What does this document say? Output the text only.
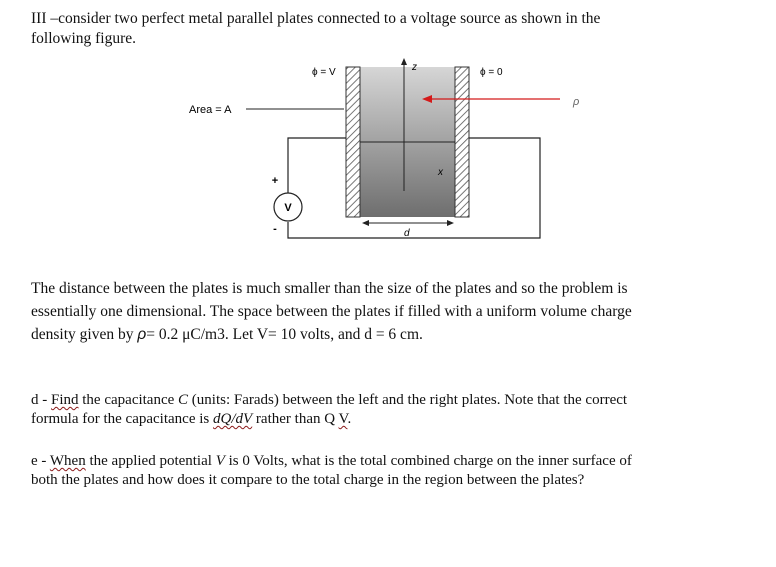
III –consider two perfect metal parallel plates connected to a voltage source as shown in the
following figure.
z
x
ϕ = V	ϕ = 0
Area = A
ρ
d
V
+
-
The distance between the plates is much smaller than the size of the plates and so the problem is
essentially one dimensional. The space between the plates if filled with a uniform volume charge
density given by ρ= 0.2 μC/m3. Let V= 10 volts, and d = 6 cm.
d - Find the capacitance C (units: Farads) between the left and the right plates. Note that the correct
formula for the capacitance is dQ/dV rather than Q V.
e - When the applied potential V is 0 Volts, what is the total combined charge on the inner surface of
both the plates and how does it compare to the total charge in the region between the plates?
